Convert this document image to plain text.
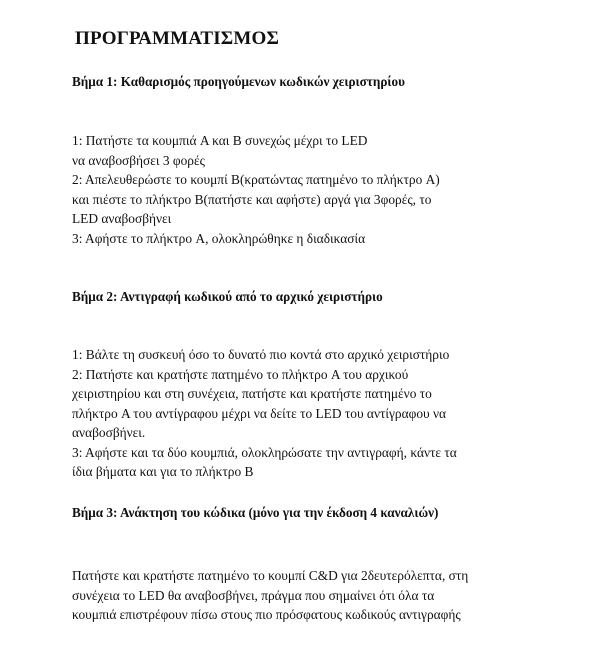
ΠΡΟΓΡΑΜΜΑΤΙΣΜΟΣ
Βήμα 1: Καθαρισμός προηγούμενων κωδικών χειριστηρίου

1: Πατήστε τα κουμπιά A και B συνεχώς μέχρι το LED

να αναβοσβήσει 3 φορές

2: Απελευθερώστε το κουμπί B(κρατώντας πατημένο το πλήκτρο A)

και πιέστε το πλήκτρο B(πατήστε και αφήστε) αργά για 3φορές, το

LED αναβοσβήνει

3: Αφήστε το πλήκτρο A, ολοκληρώθηκε η διαδικασία

Βήμα 2: Αντιγραφή κωδικού από το αρχικό χειριστήριο

1: Βάλτε τη συσκευή όσο το δυνατό πιο κοντά στο αρχικό χειριστήριο

2: Πατήστε και κρατήστε πατημένο το πλήκτρο A του αρχικού

χειριστηρίου και στη συνέχεια, πατήστε και κρατήστε πατημένο το

πλήκτρο A του αντίγραφου μέχρι να δείτε το LED του αντίγραφου να

αναβοσβήνει.

3: Αφήστε και τα δύο κουμπιά, ολοκληρώσατε την αντιγραφή, κάντε τα

ίδια βήματα και για το πλήκτρο B

Βήμα 3: Ανάκτηση του κώδικα (μόνο για την έκδοση 4 καναλιών)

Πατήστε και κρατήστε πατημένο το κουμπί C&D για 2δευτερόλεπτα, στη

συνέχεια το LED θα αναβοσβήνει, πράγμα που σημαίνει ότι όλα τα

κουμπιά επιστρέφουν πίσω στους πιο πρόσφατους κωδικούς αντιγραφής
